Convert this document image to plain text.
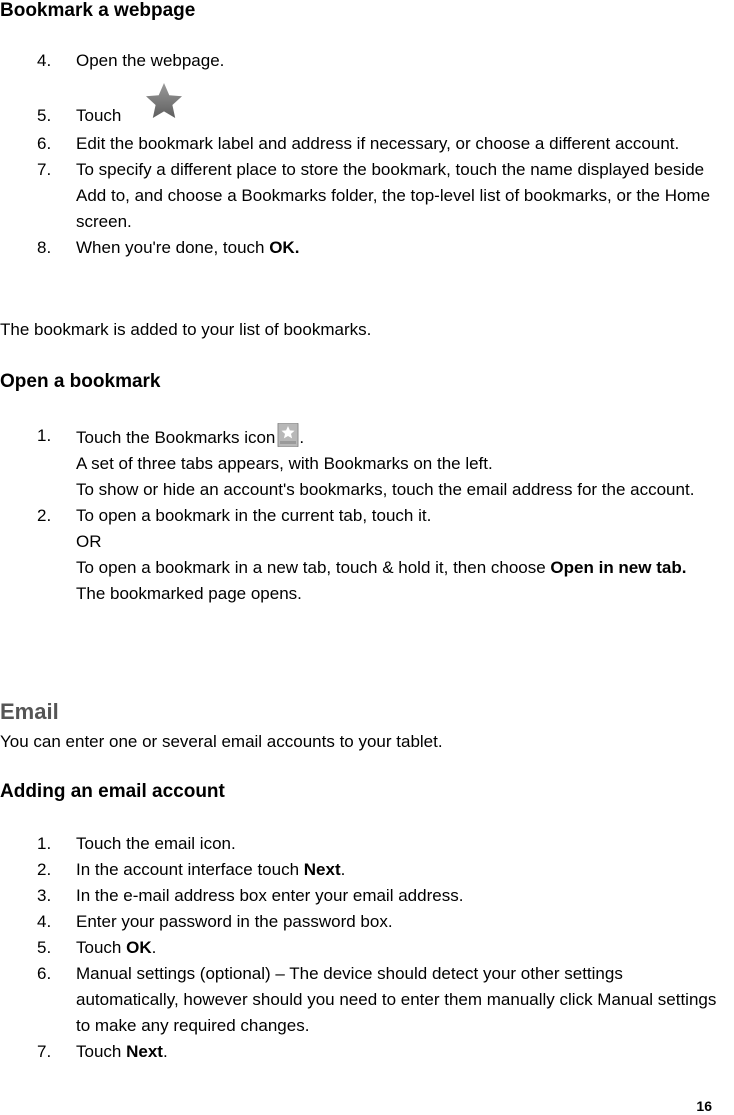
Bookmark a webpage

4. Open the webpage.
5. Touch
6. Edit the bookmark label and address if necessary, or choose a different account.
7. To specify a different place to store the bookmark, touch the name displayed beside Add to, and choose a Bookmarks folder, the top-level list of bookmarks, or the Home screen.
8. When you're done, touch OK.

The bookmark is added to your list of bookmarks.

Open a bookmark

1. Touch the Bookmarks icon .
A set of three tabs appears, with Bookmarks on the left.
To show or hide an account's bookmarks, touch the email address for the account.
2. To open a bookmark in the current tab, touch it.
OR
To open a bookmark in a new tab, touch & hold it, then choose Open in new tab.
The bookmarked page opens.

Email

You can enter one or several email accounts to your tablet.

Adding an email account

1. Touch the email icon.
2. In the account interface touch Next.
3. In the e-mail address box enter your email address.
4. Enter your password in the password box.
5. Touch OK.
6. Manual settings (optional) – The device should detect your other settings automatically, however should you need to enter them manually click Manual settings to make any required changes.
7. Touch Next.
16
